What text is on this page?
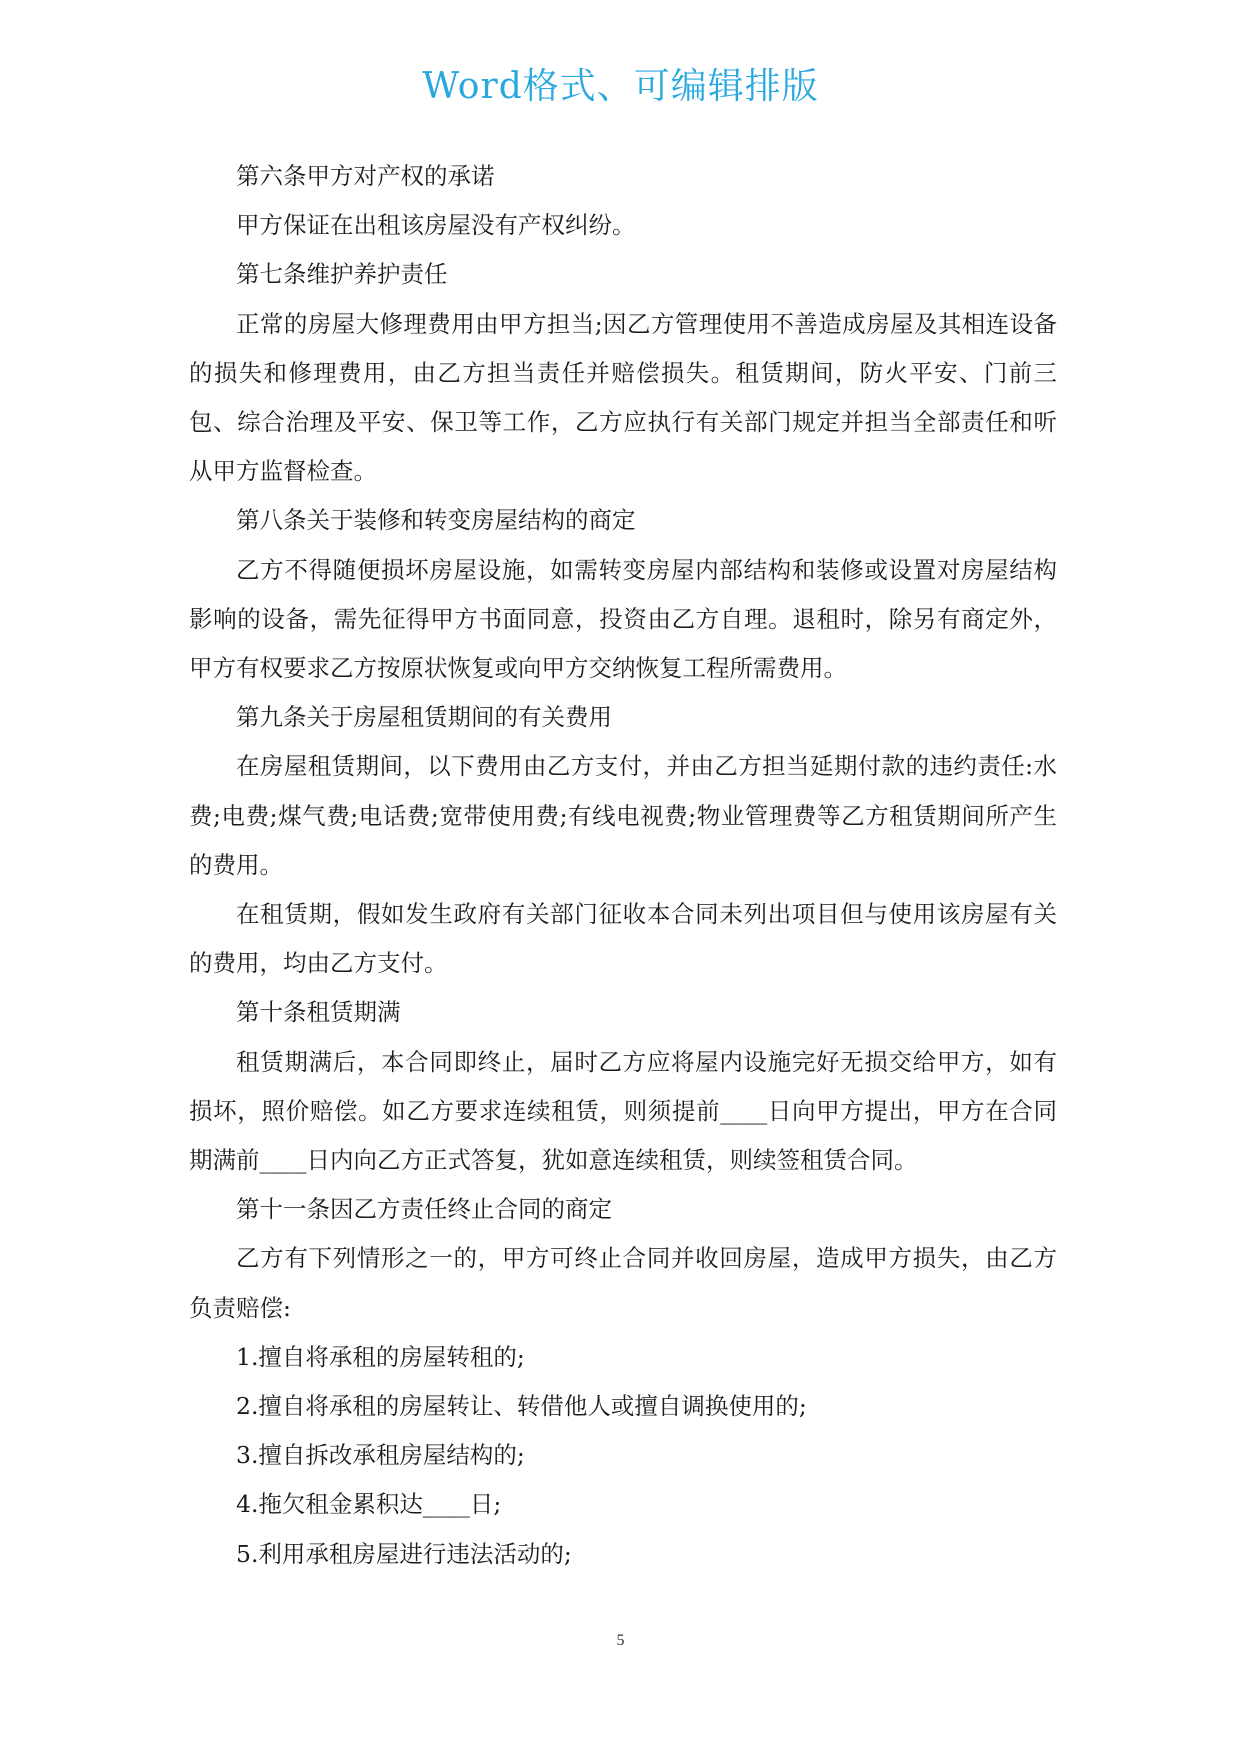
Word格式、可编辑排版

第六条甲方对产权的承诺

甲方保证在出租该房屋没有产权纠纷。

第七条维护养护责任

正常的房屋大修理费用由甲方担当;因乙方管理使用不善造成房屋及其相连设备的损失和修理费用，由乙方担当责任并赔偿损失。租赁期间，防火平安、门前三包、综合治理及平安、保卫等工作，乙方应执行有关部门规定并担当全部责任和听从甲方监督检查。

第八条关于装修和转变房屋结构的商定

乙方不得随便损坏房屋设施，如需转变房屋内部结构和装修或设置对房屋结构影响的设备，需先征得甲方书面同意，投资由乙方自理。退租时，除另有商定外，甲方有权要求乙方按原状恢复或向甲方交纳恢复工程所需费用。

第九条关于房屋租赁期间的有关费用

在房屋租赁期间，以下费用由乙方支付，并由乙方担当延期付款的违约责任:水费;电费;煤气费;电话费;宽带使用费;有线电视费;物业管理费等乙方租赁期间所产生的费用。

在租赁期，假如发生政府有关部门征收本合同未列出项目但与使用该房屋有关的费用，均由乙方支付。

第十条租赁期满

租赁期满后，本合同即终止，届时乙方应将屋内设施完好无损交给甲方，如有损坏，照价赔偿。如乙方要求连续租赁，则须提前____日向甲方提出，甲方在合同期满前____日内向乙方正式答复，犹如意连续租赁，则续签租赁合同。

第十一条因乙方责任终止合同的商定

乙方有下列情形之一的，甲方可终止合同并收回房屋，造成甲方损失，由乙方负责赔偿:

1.擅自将承租的房屋转租的;

2.擅自将承租的房屋转让、转借他人或擅自调换使用的;

3.擅自拆改承租房屋结构的;

4.拖欠租金累积达____日;

5.利用承租房屋进行违法活动的;

5
